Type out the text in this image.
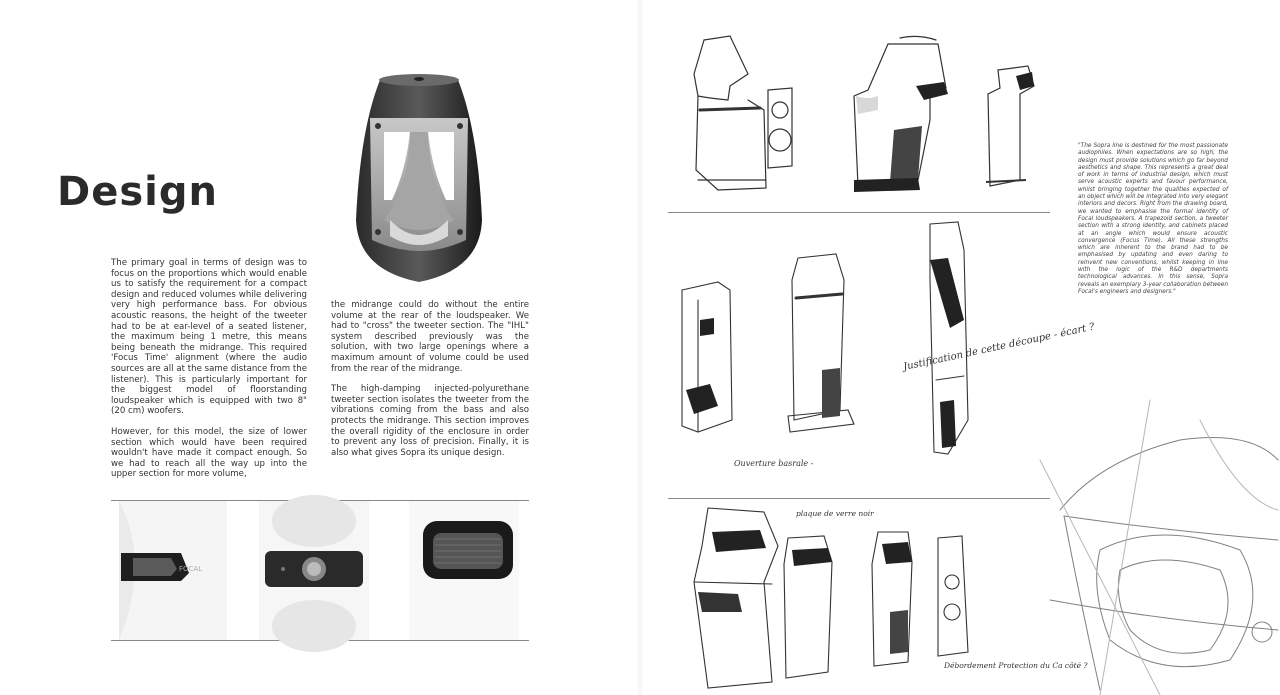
Design

The primary goal in terms of design was to focus on the proportions which would enable us to satisfy the requirement for a compact design and reduced volumes while delivering very high performance bass. For obvious acoustic reasons, the height of the tweeter had to be at ear-level of a seated listener, the maximum being 1 metre, this means being beneath the midrange. This required 'Focus Time' alignment (where the audio sources are all at the same distance from the listener). This is particularly important for the biggest model of floorstanding loudspeaker which is equipped with two 8" (20 cm) woofers.

However, for this model, the size of lower section which would have been required wouldn't have made it compact enough. So we had to reach all the way up into the upper section for more volume,

the midrange could do without the entire volume at the rear of the loudspeaker. We had to "cross" the tweeter section. The "IHL" system described previously was the solution, with two large openings where a maximum amount of volume could be used from the rear of the midrange.

The high-damping injected-polyurethane tweeter section isolates the tweeter from the vibrations coming from the bass and also protects the midrange. This section improves the overall rigidity of the enclosure in order to prevent any loss of precision. Finally, it is also what gives Sopra its unique design.

FOCAL

"The Sopra line is destined for the most passionate audiophiles. When expectations are so high, the design must provide solutions which go far beyond aesthetics and shape. This represents a great deal of work in terms of industrial design, which must serve acoustic experts and favour performance, whilst bringing together the qualities expected of an object which will be integrated into very elegant interiors and decors. Right from the drawing board, we wanted to emphasise the formal identity of Focal loudspeakers. A trapezoid section, a tweeter section with a strong identity, and cabinets placed at an angle which would ensure acoustic convergence (Focus Time). All these strengths which are inherent to the brand had to be emphasised by updating and even daring to reinvent new conventions, whilst keeping in line with the logic of the R&D departments technological advances. In this sense, Sopra reveals an exemplary 3-year collaboration between Focal's engineers and designers."

Justification de cette découpe - écart ?
Ouverture basrale -
plaque de verre noir
Débordement Protection du Ca côté ?
